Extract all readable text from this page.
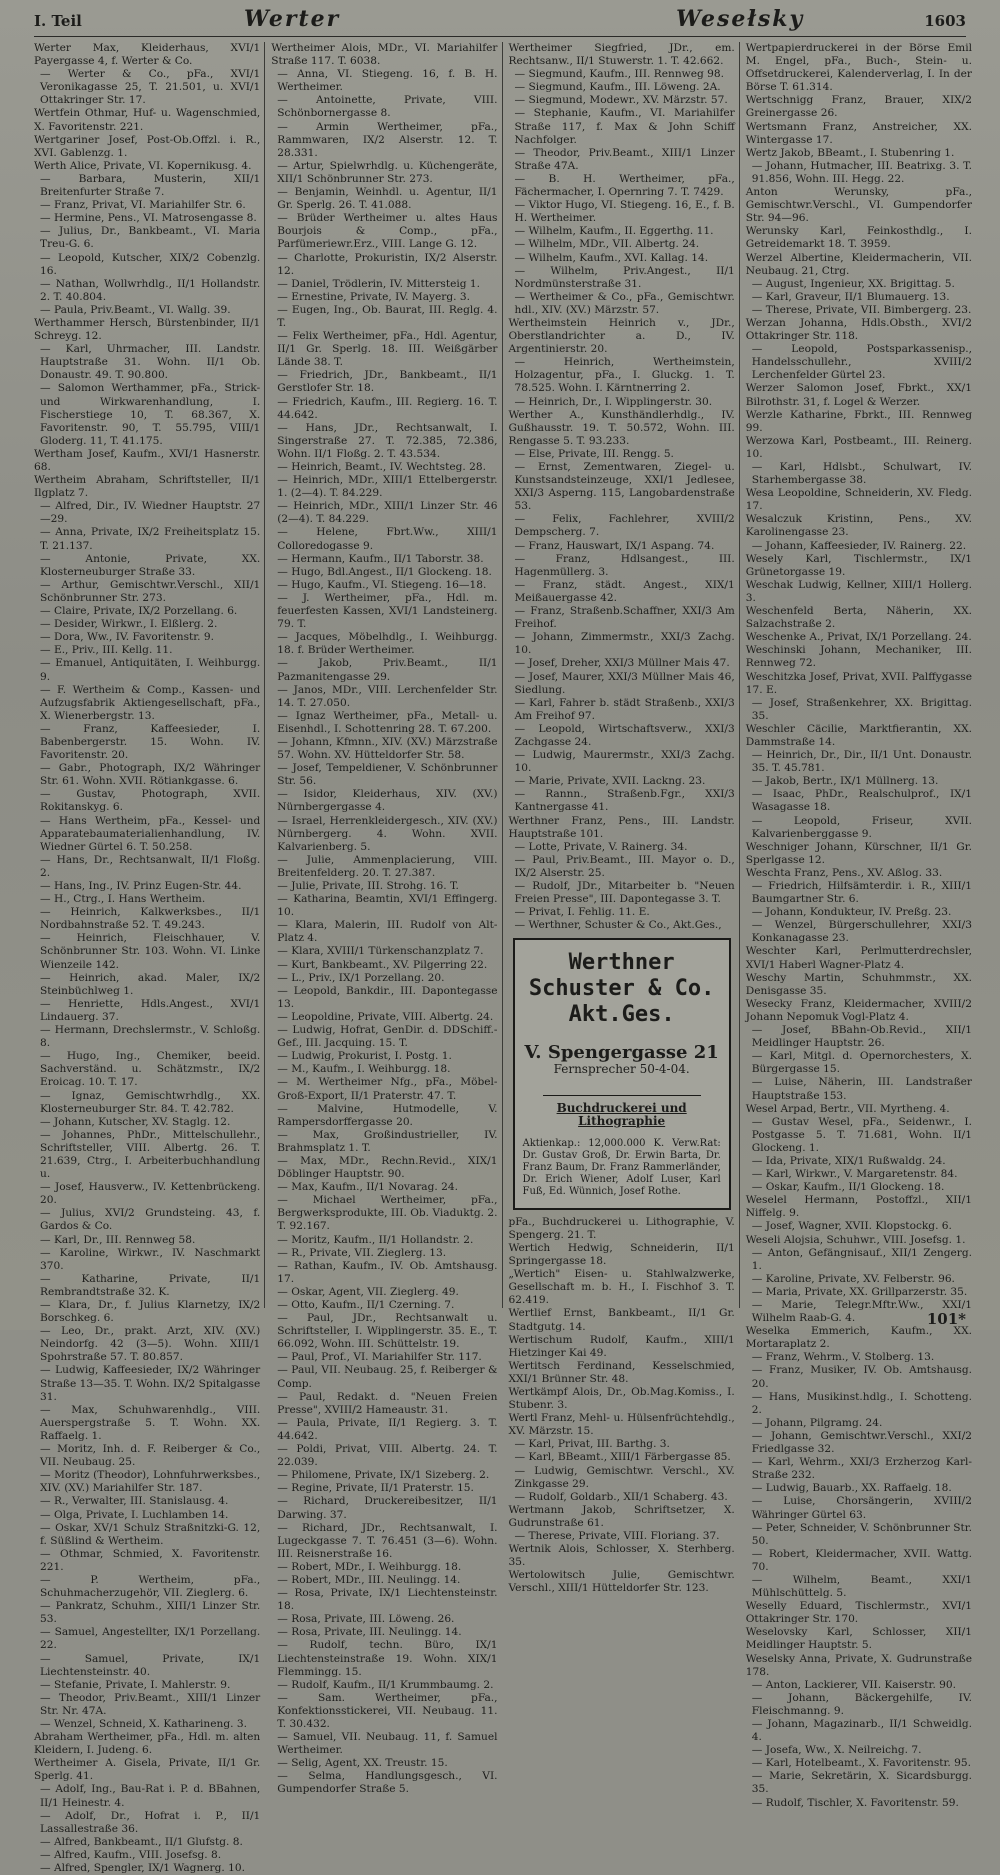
I. Teil	Werter	Wesełsky	1603

Werter Max, Kleiderhaus, XVI/1 Payergasse 4, f. Werter & Co.

— Werter & Co., pFa., XVI/1 Veronikagasse 25, T. 21.501, u. XVI/1 Ottakringer Str. 17.

Wertfein Othmar, Huf- u. Wagenschmied, X. Favoritenstr. 221.

Wertgariner Josef, Post-Ob.Offzl. i. R., XVI. Gablenzg. 1.

Werth Alice, Private, VI. Kopernikusg. 4.

— Barbara, Musterin, XII/1 Breitenfurter Straße 7.

— Franz, Privat, VI. Mariahilfer Str. 6.

— Hermine, Pens., VI. Matrosengasse 8.

— Julius, Dr., Bankbeamt., VI. Maria Treu-G. 6.

— Leopold, Kutscher, XIX/2 Cobenzlg. 16.

— Nathan, Wollwrhdlg., II/1 Hollandstr. 2. T. 40.804.

— Paula, Priv.Beamt., VI. Wallg. 39.

Werthammer Hersch, Bürstenbinder, II/1 Schreyg. 12.

— Karl, Uhrmacher, III. Landstr. Hauptstraße 31. Wohn. II/1 Ob. Donaustr. 49. T. 90.800.

— Salomon Werthammer, pFa., Strick- und Wirkwarenhandlung, I. Fischerstiege 10, T. 68.367, X. Favoritenstr. 90, T. 55.795, VIII/1 Gloderg. 11, T. 41.175.

Wertham Josef, Kaufm., XVI/1 Hasnerstr. 68.

Wertheim Abraham, Schriftsteller, II/1 Ilgplatz 7.

— Alfred, Dir., IV. Wiedner Hauptstr. 27—29.

— Anna, Private, IX/2 Freiheitsplatz 15. T. 21.137.

— Antonie, Private, XX. Klosterneuburger Straße 33.

— Arthur, Gemischtwr.Verschl., XII/1 Schönbrunner Str. 273.

— Claire, Private, IX/2 Porzellang. 6.

— Desider, Wirkwr., I. Elßlerg. 2.

— Dora, Ww., IV. Favoritenstr. 9.

— E., Priv., III. Kellg. 11.

— Emanuel, Antiquitäten, I. Weihburgg. 9.

— F. Wertheim & Comp., Kassen- und Aufzugsfabrik Aktiengesellschaft, pFa., X. Wienerbergstr. 13.

— Franz, Kaffeesieder, I. Babenbergerstr. 15. Wohn. IV. Favoritenstr. 20.

— Gabr., Photograph, IX/2 Währinger Str. 61. Wohn. XVII. Rötiankgasse. 6.

— Gustav, Photograph, XVII. Rokitanskyg. 6.

— Hans Wertheim, pFa., Kessel- und Apparatebaumaterialienhandlung, IV. Wiedner Gürtel 6. T. 50.258.

— Hans, Dr., Rechtsanwalt, II/1 Floßg. 2.

— Hans, Ing., IV. Prinz Eugen-Str. 44.

— H., Ctrg., I. Hans Wertheim.

— Heinrich, Kalkwerksbes., II/1 Nordbahnstraße 52. T. 49.243.

— Heinrich, Fleischhauer, V. Schönbrunner Str. 103. Wohn. VI. Linke Wienzeile 142.

— Heinrich, akad. Maler, IX/2 Steinbüchlweg 1.

— Henriette, Hdls.Angest., XVI/1 Lindauerg. 37.

— Hermann, Drechslermstr., V. Schloßg. 8.

— Hugo, Ing., Chemiker, beeid. Sachverständ. u. Schätzmstr., IX/2 Eroicag. 10. T. 17.

— Ignaz, Gemischtwrhdlg., XX. Klosterneuburger Str. 84. T. 42.782.

— Johann, Kutscher, XV. Staglg. 12.

— Johannes, PhDr., Mittelschullehr., Schriftsteller, VIII. Albertg. 26. T. 21.639, Ctrg., I. Arbeiterbuchhandlung u.

— Josef, Hausverw., IV. Kettenbrückeng. 20.

— Julius, XVI/2 Grundsteing. 43, f. Gardos & Co.

— Karl, Dr., III. Rennweg 58.

— Karoline, Wirkwr., IV. Naschmarkt 370.

— Katharine, Private, II/1 Rembrandtstraße 32. K.

— Klara, Dr., f. Julius Klarnetzy, IX/2 Borschkeg. 6.

— Leo, Dr., prakt. Arzt, XIV. (XV.) Neindorfg. 42 (3—5). Wohn. XIII/1 Spohrstraße 57. T. 80.857.

— Ludwig, Kaffeesieder, IX/2 Währinger Straße 13—35. T. Wohn. IX/2 Spitalgasse 31.

— Max, Schuhwarenhdlg., VIII. Auerspergstraße 5. T. Wohn. XX. Raffaelg. 1.

— Moritz, Inh. d. F. Reiberger & Co., VII. Neubaug. 25.

— Moritz (Theodor), Lohnfuhrwerksbes., XIV. (XV.) Mariahilfer Str. 187.

— R., Verwalter, III. Stanislausg. 4.

— Olga, Private, I. Luchlamben 14.

— Oskar, XV/1 Schulz Straßnitzki-G. 12, f. Süßlind & Wertheim.

— Othmar, Schmied, X. Favoritenstr. 221.

— P. Wertheim, pFa., Schuhmacherzugehör, VII. Zieglerg. 6.

— Pankratz, Schuhm., XIII/1 Linzer Str. 53.

— Samuel, Angestellter, IX/1 Porzellang. 22.

— Samuel, Private, IX/1 Liechtensteinstr. 40.

— Stefanie, Private, I. Mahlerstr. 9.

— Theodor, Priv.Beamt., XIII/1 Linzer Str. Nr. 47A.

— Wenzel, Schneid, X. Katharineng. 3.

Abraham Wertheimer, pFa., Hdl. m. alten Kleidern, I. Judeng. 6.

Wertheimer A. Gisela, Private, II/1 Gr. Sperlg. 41.

— Adolf, Ing., Bau-Rat i. P. d. BBahnen, II/1 Heinestr. 4.

— Adolf, Dr., Hofrat i. P., II/1 Lassallestraße 36.

— Alfred, Bankbeamt., II/1 Glufstg. 8.

— Alfred, Kaufm., VIII. Josefsg. 8.

— Alfred, Spengler, IX/1 Wagnerg. 10.

Wertheimer Alois, MDr., VI. Mariahilfer Straße 117. T. 6038.

— Anna, VI. Stiegeng. 16, f. B. H. Wertheimer.

— Antoinette, Private, VIII. Schönbornergasse 8.

— Armin Wertheimer, pFa., Rammwaren, IX/2 Alserstr. 12. T. 28.331.

— Artur, Spielwrhdlg. u. Küchengeräte, XII/1 Schönbrunner Str. 273.

— Benjamin, Weinhdl. u. Agentur, II/1 Gr. Sperlg. 26. T. 41.088.

— Brüder Wertheimer u. altes Haus Bourjois & Comp., pFa., Parfümeriewr.Erz., VIII. Lange G. 12.

— Charlotte, Prokuristin, IX/2 Alserstr. 12.

— Daniel, Trödlerin, IV. Mittersteig 1.

— Ernestine, Private, IV. Mayerg. 3.

— Eugen, Ing., Ob. Baurat, III. Reglg. 4. T.

— Felix Wertheimer, pFa., Hdl. Agentur, II/1 Gr. Sperlg. 18. III. Weißgärber Lände 38. T.

— Friedrich, JDr., Bankbeamt., II/1 Gerstlofer Str. 18.

— Friedrich, Kaufm., III. Regierg. 16. T. 44.642.

— Hans, JDr., Rechtsanwalt, I. Singerstraße 27. T. 72.385, 72.386, Wohn. II/1 Floßg. 2. T. 43.534.

— Heinrich, Beamt., IV. Wechtsteg. 28.

— Heinrich, MDr., XIII/1 Ettelbergerstr. 1. (2—4). T. 84.229.

— Heinrich, MDr., XIII/1 Linzer Str. 46 (2—4). T. 84.229.

— Helene, Fbrt.Ww., XIII/1 Colloredogasse 9.

— Hermann, Kaufm., II/1 Taborstr. 38.

— Hugo, Bdl.Angest., II/1 Glockeng. 18.

— Hugo, Kaufm., VI. Stiegeng. 16—18.

— J. Wertheimer, pFa., Hdl. m. feuerfesten Kassen, XVI/1 Landsteinerg. 79. T.

— Jacques, Möbelhdlg., I. Weihburgg. 18. f. Brüder Wertheimer.

— Jakob, Priv.Beamt., II/1 Pazmanitengasse 29.

— Janos, MDr., VIII. Lerchenfelder Str. 14. T. 27.050.

— Ignaz Wertheimer, pFa., Metall- u. Eisenhdl., I. Schottenring 28. T. 67.200.

— Johann, Kfmnn., XIV. (XV.) Märzstraße 57. Wohn. XV. Hütteldorfer Str. 58.

— Josef, Tempeldiener, V. Schönbrunner Str. 56.

— Isidor, Kleiderhaus, XIV. (XV.) Nürnbergergasse 4.

— Israel, Herrenkleidergesch., XIV. (XV.) Nürnbergerg. 4. Wohn. XVII. Kalvarienberg. 5.

— Julie, Ammenplacierung, VIII. Breitenfelderg. 20. T. 27.387.

— Julie, Private, III. Strohg. 16. T.

— Katharina, Beamtin, XVI/1 Effingerg. 10.

— Klara, Malerin, III. Rudolf von Alt-Platz 4.

— Klara, XVIII/1 Türkenschanzplatz 7.

— Kurt, Bankbeamt., XV. Pilgerring 22.

— L., Priv., IX/1 Porzellang. 20.

— Leopold, Bankdir., III. Dapontegasse 13.

— Leopoldine, Private, VIII. Albertg. 24.

— Ludwig, Hofrat, GenDir. d. DDSchiff.-Gef., III. Jacquing. 15. T.

— Ludwig, Prokurist, I. Postg. 1.

— M., Kaufm., I. Weihburgg. 18.

— M. Wertheimer Nfg., pFa., Möbel-Groß-Export, II/1 Praterstr. 47. T.

— Malvine, Hutmodelle, V. Rampersdorffergasse 20.

— Max, Großindustrieller, IV. Brahmsplatz 1. T.

— Max, MDr., Rechn.Revid., XIX/1 Döblinger Hauptstr. 90.

— Max, Kaufm., II/1 Novarag. 24.

— Michael Wertheimer, pFa., Bergwerksprodukte, III. Ob. Viaduktg. 2. T. 92.167.

— Moritz, Kaufm., II/1 Hollandstr. 2.

— R., Private, VII. Zieglerg. 13.

— Rathan, Kaufm., IV. Ob. Amtshausg. 17.

— Oskar, Agent, VII. Zieglerg. 49.

— Otto, Kaufm., II/1 Czerning. 7.

— Paul, JDr., Rechtsanwalt u. Schriftsteller, I. Wipplingerstr. 35. E., T. 66.092, Wohn. III. Schüttelstr. 19.

— Paul, Prof., VI. Mariahilfer Str. 117.

— Paul, VII. Neubaug. 25, f. Reiberger & Comp.

— Paul, Redakt. d. "Neuen Freien Presse", XVIII/2 Hameaustr. 31.

— Paula, Private, II/1 Regierg. 3. T. 44.642.

— Poldi, Privat, VIII. Albertg. 24. T. 22.039.

— Philomene, Private, IX/1 Sizeberg. 2.

— Regine, Private, II/1 Praterstr. 15.

— Richard, Druckereibesitzer, II/1 Darwing. 37.

— Richard, JDr., Rechtsanwalt, I. Lugeckgasse 7. T. 76.451 (3—6). Wohn. III. Reisnerstraße 16.

— Robert, MDr., I. Weihburgg. 18.

— Robert, MDr., III. Neulingg. 14.

— Rosa, Private, IX/1 Liechtensteinstr. 18.

— Rosa, Private, III. Löweng. 26.

— Rosa, Private, III. Neulingg. 14.

— Rudolf, techn. Büro, IX/1 Liechtensteinstraße 19. Wohn. XIX/1 Flemmingg. 15.

— Rudolf, Kaufm., II/1 Krummbaumg. 2.

— Sam. Wertheimer, pFa., Konfektionsstickerei, VII. Neubaug. 11. T. 30.432.

— Samuel, VII. Neubaug. 11, f. Samuel Wertheimer.

— Selig, Agent, XX. Treustr. 15.

— Selma, Handlungsgesch., VI. Gumpendorfer Straße 5.

Wertheimer Siegfried, JDr., em. Rechtsanw., II/1 Stuwerstr. 1. T. 42.662.

— Siegmund, Kaufm., III. Rennweg 98.

— Siegmund, Kaufm., III. Löweng. 2A.

— Siegmund, Modewr., XV. Märzstr. 57.

— Stephanie, Kaufm., VI. Mariahilfer Straße 117, f. Max & John Schiff Nachfolger.

— Theodor, Priv.Beamt., XIII/1 Linzer Straße 47A.

— B. H. Wertheimer, pFa., Fächermacher, I. Opernring 7. T. 7429.

— Viktor Hugo, VI. Stiegeng. 16, E., f. B. H. Wertheimer.

— Wilhelm, Kaufm., II. Eggerthg. 11.

— Wilhelm, MDr., VII. Albertg. 24.

— Wilhelm, Kaufm., XVI. Kallag. 14.

— Wilhelm, Priv.Angest., II/1 Nordmünsterstraße 31.

— Wertheimer & Co., pFa., Gemischtwr. hdl., XIV. (XV.) Märzstr. 57.

Wertheimstein Heinrich v., JDr., Oberstlandrichter a. D., IV. Argentinierstr. 20.

— Heinrich, Wertheimstein, Holzagentur, pFa., I. Gluckg. 1. T. 78.525. Wohn. I. Kärntnerring 2.

— Heinrich, Dr., I. Wipplingerstr. 30.

Werther A., Kunsthändlerhdlg., IV. Gußhausstr. 19. T. 50.572, Wohn. III. Rengasse 5. T. 93.233.

— Else, Private, III. Rengg. 5.

— Ernst, Zementwaren, Ziegel- u. Kunstsandsteinzeuge, XXI/1 Jedlesee, XXI/3 Asperng. 115, Langobardenstraße 53.

— Felix, Fachlehrer, XVIII/2 Dempscherg. 7.

— Franz, Hauswart, IX/1 Aspang. 74.

— Franz, Hdlsangest., III. Hagenmüllerg. 3.

— Franz, städt. Angest., XIX/1 Meißauergasse 42.

— Franz, Straßenb.Schaffner, XXI/3 Am Freihof.

— Johann, Zimmermstr., XXI/3 Zachg. 10.

— Josef, Dreher, XXI/3 Müllner Mais 47.

— Josef, Maurer, XXI/3 Müllner Mais 46, Siedlung.

— Karl, Fahrer b. städt Straßenb., XXI/3 Am Freihof 97.

— Leopold, Wirtschaftsverw., XXI/3 Zachgasse 24.

— Ludwig, Maurermstr., XXI/3 Zachg. 10.

— Marie, Private, XVII. Lackng. 23.

— Rannn., Straßenb.Fgr., XXI/3 Kantnergasse 41.

Werthner Franz, Pens., III. Landstr. Hauptstraße 101.

— Lotte, Private, V. Rainerg. 34.

— Paul, Priv.Beamt., III. Mayor o. D., IX/2 Alserstr. 25.

— Rudolf, JDr., Mitarbeiter b. "Neuen Freien Presse", III. Dapontegasse 3. T.

— Privat, I. Fehlig. 11. E.

— Werthner, Schuster & Co., Akt.Ges.,

Werthner
Schuster & Co. Akt.Ges.
V. Spengergasse 21
Fernsprecher 50-4-04.
Buchdruckerei und Lithographie
Aktienkap.: 12,000.000 K. Verw.Rat: Dr. Gustav Groß, Dr. Erwin Barta, Dr. Franz Baum, Dr. Franz Rammerländer, Dr. Erich Wiener, Adolf Luser, Karl Fuß, Ed. Wünnich, Josef Rothe.

pFa., Buchdruckerei u. Lithographie, V. Spengerg. 21. T.

Wertich Hedwig, Schneiderin, II/1 Springergasse 18.

„Wertich" Eisen- u. Stahlwalzwerke, Gesellschaft m. b. H., I. Fischhof 3. T. 62.419.

Wertlief Ernst, Bankbeamt., II/1 Gr. Stadtgutg. 14.

Wertischum Rudolf, Kaufm., XIII/1 Hietzinger Kai 49.

Wertitsch Ferdinand, Kesselschmied, XXI/1 Brünner Str. 48.

Wertkämpf Alois, Dr., Ob.Mag.Komiss., I. Stubenr. 3.

Wertl Franz, Mehl- u. Hülsenfrüchtehdlg., XV. Märzstr. 15.

— Karl, Privat, III. Barthg. 3.

— Karl, BBeamt., XIII/1 Färbergasse 85.

— Ludwig, Gemischtwr. Verschl., XV. Zinkgasse 29.

— Rudolf, Goldarb., XII/1 Schaberg. 43.

Wertmann Jakob, Schriftsetzer, X. Gudrunstraße 61.

— Therese, Private, VIII. Floriang. 37.

Wertnik Alois, Schlosser, X. Sterhberg. 35.

Wertolowitsch Julie, Gemischtwr. Verschl., XIII/1 Hütteldorfer Str. 123.

Wertpapierdruckerei in der Börse Emil M. Engel, pFa., Buch-, Stein- u. Offsetdruckerei, Kalenderverlag, I. In der Börse T. 61.314.

Wertschnigg Franz, Brauer, XIX/2 Greinergasse 26.

Wertsmann Franz, Anstreicher, XX. Wintergasse 17.

Wertz Jakob, BBeamt., I. Stubenring 1.

— Johann, Hutmacher, III. Beatrixg. 3. T. 91.856, Wohn. III. Hegg. 22.

Anton Werunsky, pFa., Gemischtwr.Verschl., VI. Gumpendorfer Str. 94—96.

Werunsky Karl, Feinkosthdlg., I. Getreidemarkt 18. T. 3959.

Werzel Albertine, Kleidermacherin, VII. Neubaug. 21, Ctrg.

— August, Ingenieur, XX. Brigittag. 5.

— Karl, Graveur, II/1 Blumauerg. 13.

— Therese, Private, VII. Bimbergerg. 23.

Werzan Johanna, Hdls.Obsth., XVI/2 Ottakringer Str. 118.

— Leopold, Postsparkassenisp., Handelsschullehr., XVIII/2 Lerchenfelder Gürtel 23.

Werzer Salomon Josef, Fbrkt., XX/1 Bilrothstr. 31, f. Logel & Werzer.

Werzle Katharine, Fbrkt., III. Rennweg 99.

Werzowa Karl, Postbeamt., III. Reinerg. 10.

— Karl, Hdlsbt., Schulwart, IV. Starhembergasse 38.

Wesa Leopoldine, Schneiderin, XV. Fledg. 17.

Wesalczuk Kristinn, Pens., XV. Karolinengasse 23.

— Johann, Kaffeesieder, IV. Rainerg. 22.

Wesely Karl, Tischlermstr., IX/1 Grünetorgasse 19.

Weschak Ludwig, Kellner, XIII/1 Hollerg. 3.

Weschenfeld Berta, Näherin, XX. Salzachstraße 2.

Weschenke A., Privat, IX/1 Porzellang. 24.

Weschinski Johann, Mechaniker, III. Rennweg 72.

Weschitzka Josef, Privat, XVII. Palffygasse 17. E.

— Josef, Straßenkehrer, XX. Brigittag. 35.

Weschler Cäcilie, Marktfierantin, XX. Dammstraße 14.

— Heinrich, Dr., Dir., II/1 Unt. Donaustr. 35. T. 45.781.

— Jakob, Bertr., IX/1 Müllnerg. 13.

— Isaac, PhDr., Realschulprof., IX/1 Wasagasse 18.

— Leopold, Friseur, XVII. Kalvarienberggasse 9.

Weschniger Johann, Kürschner, II/1 Gr. Sperlgasse 12.

Weschta Franz, Pens., XV. Aßlog. 33.

— Friedrich, Hilfsämterdir. i. R., XIII/1 Baumgartner Str. 6.

— Johann, Kondukteur, IV. Preßg. 23.

— Wenzel, Bürgerschullehrer, XXI/3 Konkanagasse 23.

Weschter Karl, Perlmutterdrechsler, XVI/1 Haberl Wagner-Platz 4.

Weschy Martin, Schuhmmstr., XX. Denisgasse 35.

Wesecky Franz, Kleidermacher, XVIII/2 Johann Nepomuk Vogl-Platz 4.

— Josef, BBahn-Ob.Revid., XII/1 Meidlinger Hauptstr. 26.

— Karl, Mitgl. d. Opernorchesters, X. Bürgergasse 15.

— Luise, Näherin, III. Landstraßer Hauptstraße 153.

Wesel Arpad, Bertr., VII. Myrtheng. 4.

— Gustav Wesel, pFa., Seidenwr., I. Postgasse 5. T. 71.681, Wohn. II/1 Glockeng. 1.

— Ida, Private, XIX/1 Rußwaldg. 24.

— Karl, Wirkwr., V. Margaretenstr. 84.

— Oskar, Kaufm., II/1 Glockeng. 18.

Weselel Hermann, Postoffzl., XII/1 Niffelg. 9.

— Josef, Wagner, XVII. Klopstockg. 6.

Weseli Alojsia, Schuhwr., VIII. Josefsg. 1.

— Anton, Gefängnisauf., XII/1 Zengerg. 1.

— Karoline, Private, XV. Felberstr. 96.

— Maria, Private, XX. Grillparzerstr. 35.

— Marie, Telegr.Mftr.Ww., XXI/1 Wilhelm Raab-G. 4.

Weselka Emmerich, Kaufm., XX. Mortaraplatz 2.

— Franz, Wehrm., V. Stolberg. 13.

— Franz, Musiker, IV. Ob. Amtshausg. 20.

— Hans, Musikinst.hdlg., I. Schotteng. 2.

— Johann, Pilgramg. 24.

— Johann, Gemischtwr.Verschl., XXI/2 Friedlgasse 32.

— Karl, Wehrm., XXI/3 Erzherzog Karl-Straße 232.

— Ludwig, Bauarb., XX. Raffaelg. 18.

— Luise, Chorsängerin, XVIII/2 Währinger Gürtel 63.

— Peter, Schneider, V. Schönbrunner Str. 50.

— Robert, Kleidermacher, XVII. Wattg. 70.

— Wilhelm, Beamt., XXI/1 Mühlschüttelg. 5.

Weselly Eduard, Tischlermstr., XVI/1 Ottakringer Str. 170.

Weselovsky Karl, Schlosser, XII/1 Meidlinger Hauptstr. 5.

Weselsky Anna, Private, X. Gudrunstraße 178.

— Anton, Lackierer, VII. Kaiserstr. 90.

— Johann, Bäckergehilfe, IV. Fleischmanng. 9.

— Johann, Magazinarb., II/1 Schweidlg. 4.

— Josefa, Ww., X. Neilreichg. 7.

— Karl, Hotelbeamt., X. Favoritenstr. 95.

— Marie, Sekretärin, X. Sicardsburgg. 35.

— Rudolf, Tischler, X. Favoritenstr. 59.

101*
